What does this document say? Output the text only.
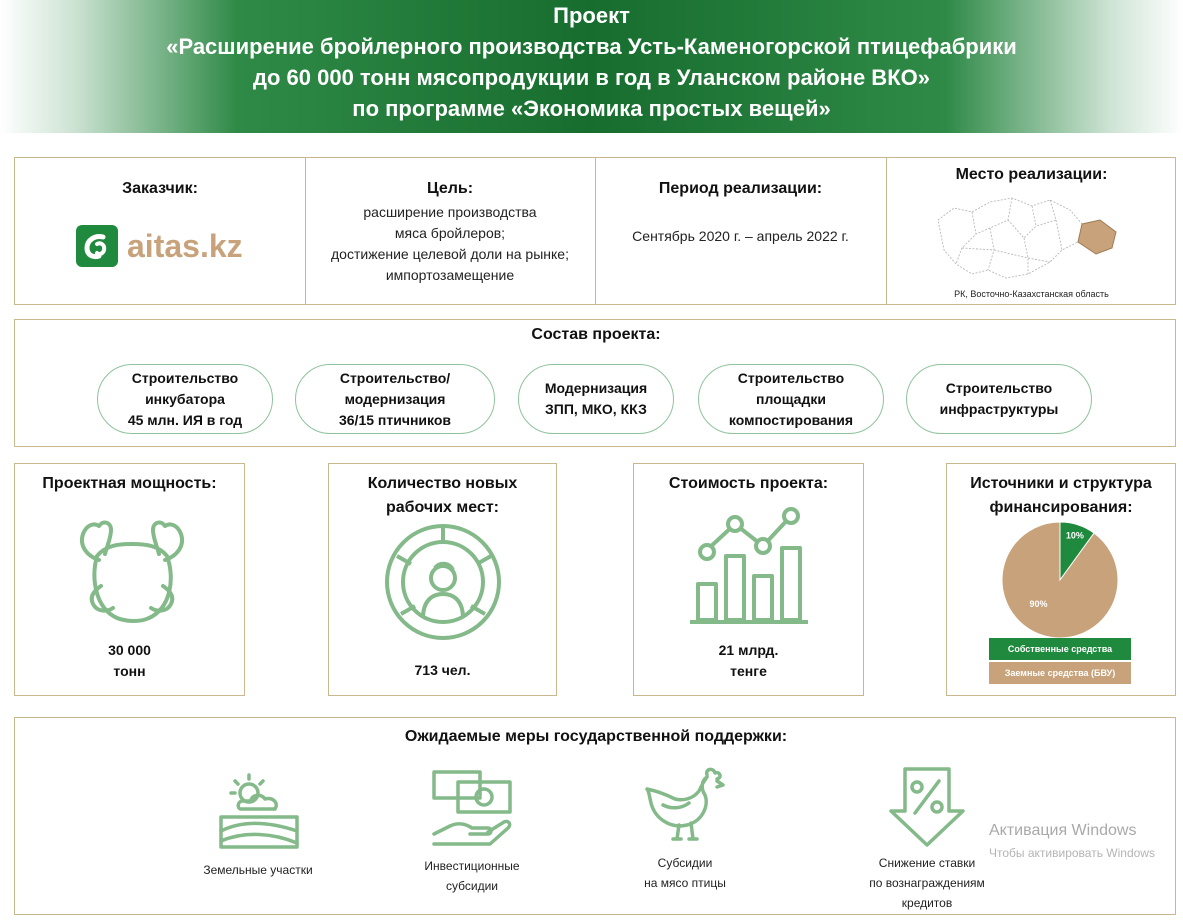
Проект
«Расширение бройлерного производства Усть-Каменогорской птицефабрики
до 60 000 тонн мясопродукции в год в Уланском районе ВКО»
по программе «Экономика простых вещей»
Заказчик:
aitas.kz
Цель:
расширение производства
мяса бройлеров;
достижение целевой доли на рынке;
импортозамещение
Период реализации:
Сентябрь 2020 г. – апрель 2022 г.
Место реализации:
РК, Восточно-Казахстанская область
Состав проекта:
Строительство
инкубатора
45 млн. ИЯ в год
Строительство/
модернизация
36/15 птичников
Модернизация
ЗПП, МКО, ККЗ
Строительство
площадки
компостирования
Строительство
инфраструктуры
Проектная мощность:
30 000
тонн
Количество новых
рабочих мест:
713 чел.
Стоимость проекта:
21 млрд.
тенге
Источники и структура
финансирования:
10%
90%
Собственные средства
Заемные средства (БВУ)
Ожидаемые меры государственной поддержки:
Земельные участки	Инвестиционные
субсидии
Субсидии
на мясо птицы
Снижение ставки
по вознаграждениям
кредитов
Активация Windows
Чтобы активировать Windows
